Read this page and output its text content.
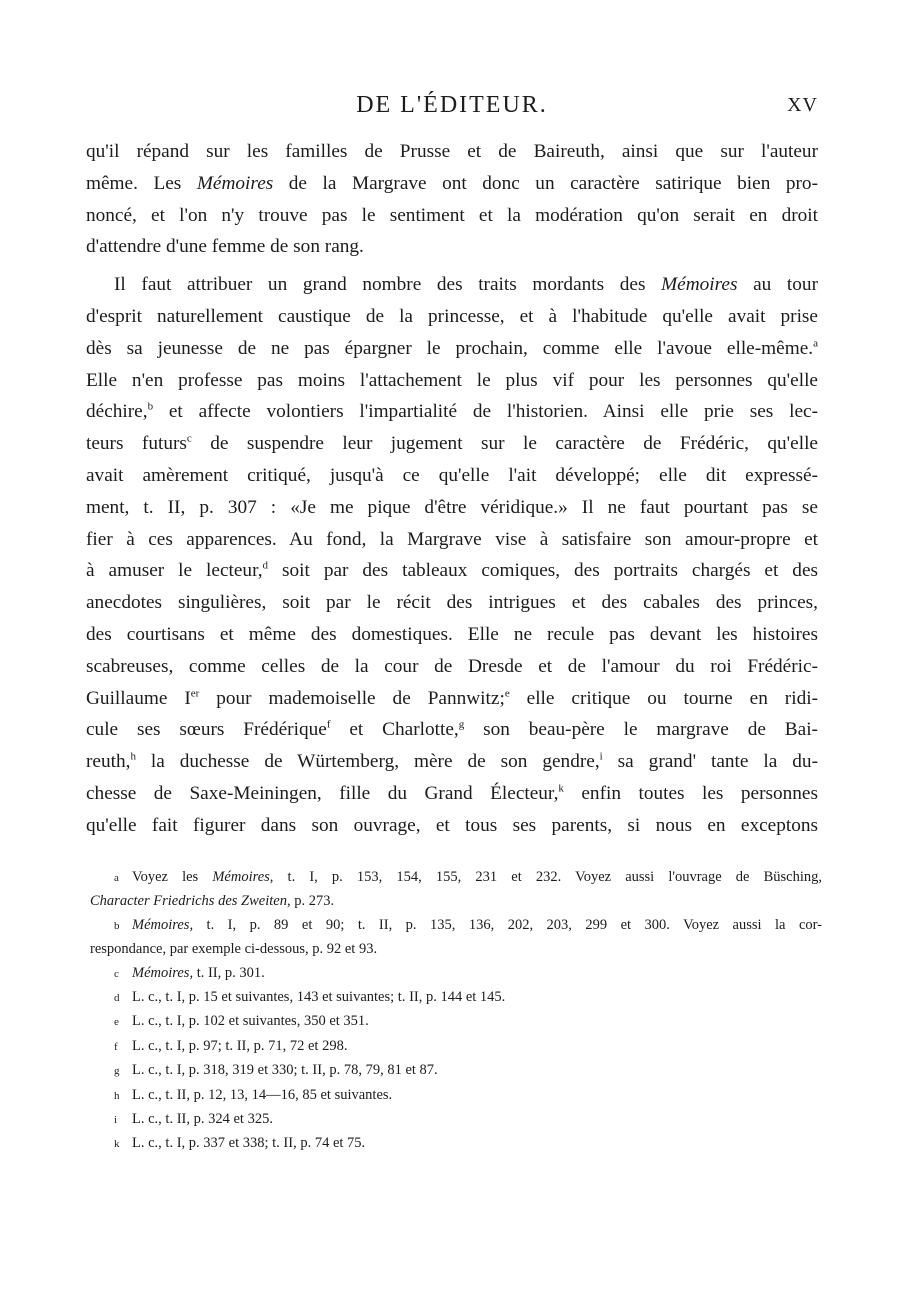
DE L'ÉDITEUR.	XV
qu'il répand sur les familles de Prusse et de Baireuth, ainsi que sur l'auteur
même. Les Mémoires de la Margrave ont donc un caractère satirique bien pro-
noncé, et l'on n'y trouve pas le sentiment et la modération qu'on serait en droit
d'attendre d'une femme de son rang.
Il faut attribuer un grand nombre des traits mordants des Mémoires au tour
d'esprit naturellement caustique de la princesse, et à l'habitude qu'elle avait prise
dès sa jeunesse de ne pas épargner le prochain, comme elle l'avoue elle-même.$^a$
Elle n'en professe pas moins l'attachement le plus vif pour les personnes qu'elle
déchire,$^b$ et affecte volontiers l'impartialité de l'historien. Ainsi elle prie ses lec-
teurs futurs$^c$ de suspendre leur jugement sur le caractère de Frédéric, qu'elle
avait amèrement critiqué, jusqu'à ce qu'elle l'ait développé; elle dit expressé-
ment, t. II, p. 307 : «Je me pique d'être véridique.» Il ne faut pourtant pas se
fier à ces apparences. Au fond, la Margrave vise à satisfaire son amour-propre et
à amuser le lecteur,$^d$ soit par des tableaux comiques, des portraits chargés et des
anecdotes singulières, soit par le récit des intrigues et des cabales des princes,
des courtisans et même des domestiques. Elle ne recule pas devant les histoires
scabreuses, comme celles de la cour de Dresde et de l'amour du roi Frédéric-
Guillaume Ier pour mademoiselle de Pannwitz;$^e$ elle critique ou tourne en ridi-
cule ses sœurs Frédérique$^f$ et Charlotte,$^g$ son beau-père le margrave de Bai-
reuth,$^h$ la duchesse de Würtemberg, mère de son gendre,$^i$ sa grand' tante la du-
chesse de Saxe-Meiningen, fille du Grand Électeur,$^k$ enfin toutes les personnes
qu'elle fait figurer dans son ouvrage, et tous ses parents, si nous en exceptons
a Voyez les Mémoires, t. I, p. 153, 154, 155, 231 et 232. Voyez aussi l'ouvrage de Büsching,
Character Friedrichs des Zweiten, p. 273.
b Mémoires, t. I, p. 89 et 90; t. II, p. 135, 136, 202, 203, 299 et 300. Voyez aussi la cor-
respondance, par exemple ci-dessous, p. 92 et 93.
c Mémoires, t. II, p. 301.
d L. c., t. I, p. 15 et suivantes, 143 et suivantes; t. II, p. 144 et 145.
e L. c., t. I, p. 102 et suivantes, 350 et 351.
f L. c., t. I, p. 97; t. II, p. 71, 72 et 298.
g L. c., t. I, p. 318, 319 et 330; t. II, p. 78, 79, 81 et 87.
h L. c., t. II, p. 12, 13, 14—16, 85 et suivantes.
i L. c., t. II, p. 324 et 325.
k L. c., t. I, p. 337 et 338; t. II, p. 74 et 75.
